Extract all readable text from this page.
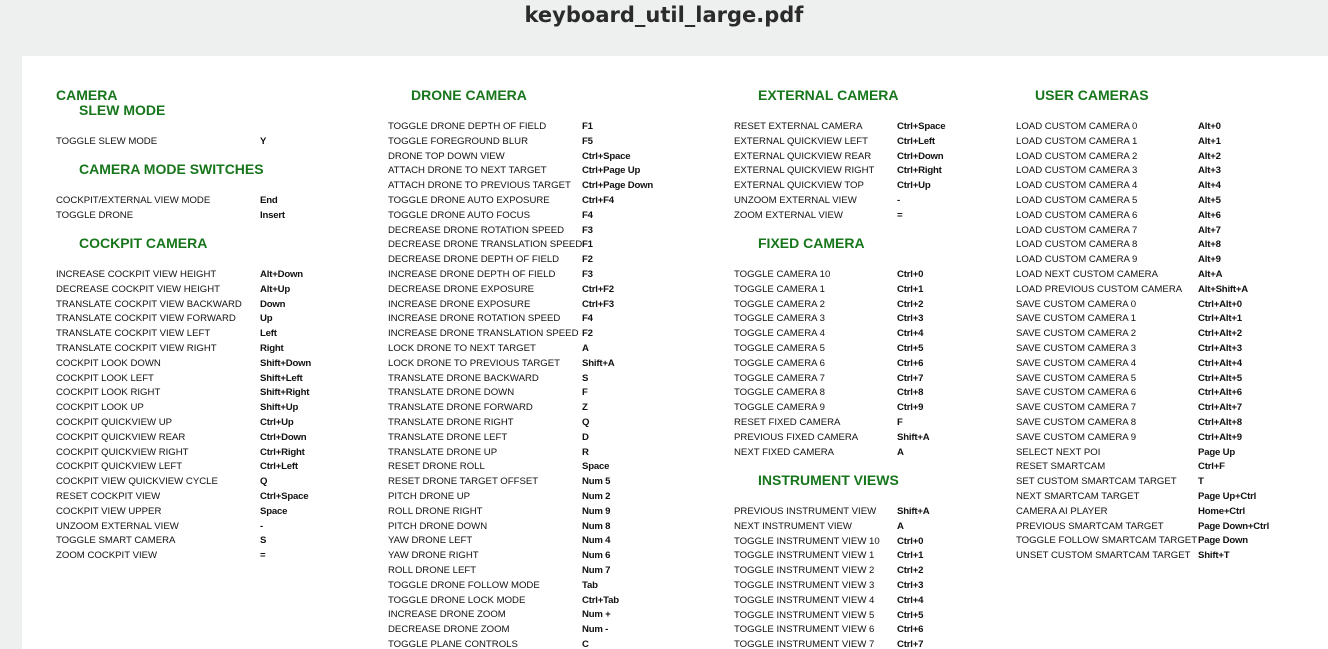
keyboard_util_large.pdf
CAMERA
SLEW MODE
TOGGLE SLEW MODE	Y
CAMERA MODE SWITCHES
COCKPIT/EXTERNAL VIEW MODE	End
TOGGLE DRONE	Insert
COCKPIT CAMERA
INCREASE COCKPIT VIEW HEIGHT	Alt+Down
DECREASE COCKPIT VIEW HEIGHT	Alt+Up
TRANSLATE COCKPIT VIEW BACKWARD Down
TRANSLATE COCKPIT VIEW FORWARD	Up
TRANSLATE COCKPIT VIEW LEFT	Left
TRANSLATE COCKPIT VIEW RIGHT	Right
COCKPIT LOOK DOWN	Shift+Down
COCKPIT LOOK LEFT	Shift+Left
COCKPIT LOOK RIGHT	Shift+Right
COCKPIT LOOK UP	Shift+Up
COCKPIT QUICKVIEW UP	Ctrl+Up
COCKPIT QUICKVIEW REAR	Ctrl+Down
COCKPIT QUICKVIEW RIGHT	Ctrl+Right
COCKPIT QUICKVIEW LEFT	Ctrl+Left
COCKPIT VIEW QUICKVIEW CYCLE	Q
RESET COCKPIT VIEW	Ctrl+Space
COCKPIT VIEW UPPER	Space
UNZOOM EXTERNAL VIEW	-
TOGGLE SMART CAMERA	S
ZOOM COCKPIT VIEW	=
DRONE CAMERA
TOGGLE DRONE DEPTH OF FIELD	F1
TOGGLE FOREGROUND BLUR	F5
DRONE TOP DOWN VIEW	Ctrl+Space
ATTACH DRONE TO NEXT TARGET	Ctrl+Page Up
ATTACH DRONE TO PREVIOUS TARGET Ctrl+Page Down
TOGGLE DRONE AUTO EXPOSURE	Ctrl+F4
TOGGLE DRONE AUTO FOCUS	F4
DECREASE DRONE ROTATION SPEED F3
DECREASE DRONE TRANSLATION SPEED F1
DECREASE DRONE DEPTH OF FIELD F2
INCREASE DRONE DEPTH OF FIELD	F3
DECREASE DRONE EXPOSURE	Ctrl+F2
INCREASE DRONE EXPOSURE	Ctrl+F3
INCREASE DRONE ROTATION SPEED F4
INCREASE DRONE TRANSLATION SPEED F2
LOCK DRONE TO NEXT TARGET	A
LOCK DRONE TO PREVIOUS TARGET Shift+A
TRANSLATE DRONE BACKWARD	S
TRANSLATE DRONE DOWN	F
TRANSLATE DRONE FORWARD	Z
TRANSLATE DRONE RIGHT	Q
TRANSLATE DRONE LEFT	D
TRANSLATE DRONE UP	R
RESET DRONE ROLL	Space
RESET DRONE TARGET OFFSET	Num 5
PITCH DRONE UP	Num 2
ROLL DRONE RIGHT	Num 9
PITCH DRONE DOWN	Num 8
YAW DRONE LEFT	Num 4
YAW DRONE RIGHT	Num 6
ROLL DRONE LEFT	Num 7
TOGGLE DRONE FOLLOW MODE	Tab
TOGGLE DRONE LOCK MODE	Ctrl+Tab
INCREASE DRONE ZOOM	Num +
DECREASE DRONE ZOOM	Num -
TOGGLE PLANE CONTROLS	C
EXTERNAL CAMERA
RESET EXTERNAL CAMERA	Ctrl+Space
EXTERNAL QUICKVIEW LEFT	Ctrl+Left
EXTERNAL QUICKVIEW REAR	Ctrl+Down
EXTERNAL QUICKVIEW RIGHT Ctrl+Right
EXTERNAL QUICKVIEW TOP	Ctrl+Up
UNZOOM EXTERNAL VIEW	-
ZOOM EXTERNAL VIEW	=
FIXED CAMERA
TOGGLE CAMERA 10	Ctrl+0
TOGGLE CAMERA 1	Ctrl+1
TOGGLE CAMERA 2	Ctrl+2
TOGGLE CAMERA 3	Ctrl+3
TOGGLE CAMERA 4	Ctrl+4
TOGGLE CAMERA 5	Ctrl+5
TOGGLE CAMERA 6	Ctrl+6
TOGGLE CAMERA 7	Ctrl+7
TOGGLE CAMERA 8	Ctrl+8
TOGGLE CAMERA 9	Ctrl+9
RESET FIXED CAMERA	F
PREVIOUS FIXED CAMERA	Shift+A
NEXT FIXED CAMERA	A
INSTRUMENT VIEWS
PREVIOUS INSTRUMENT VIEW Shift+A
NEXT INSTRUMENT VIEW	A
TOGGLE INSTRUMENT VIEW 10 Ctrl+0
TOGGLE INSTRUMENT VIEW 1 Ctrl+1
TOGGLE INSTRUMENT VIEW 2 Ctrl+2
TOGGLE INSTRUMENT VIEW 3 Ctrl+3
TOGGLE INSTRUMENT VIEW 4 Ctrl+4
TOGGLE INSTRUMENT VIEW 5 Ctrl+5
TOGGLE INSTRUMENT VIEW 6 Ctrl+6
TOGGLE INSTRUMENT VIEW 7 Ctrl+7
USER CAMERAS
LOAD CUSTOM CAMERA 0	Alt+0
LOAD CUSTOM CAMERA 1	Alt+1
LOAD CUSTOM CAMERA 2	Alt+2
LOAD CUSTOM CAMERA 3	Alt+3
LOAD CUSTOM CAMERA 4	Alt+4
LOAD CUSTOM CAMERA 5	Alt+5
LOAD CUSTOM CAMERA 6	Alt+6
LOAD CUSTOM CAMERA 7	Alt+7
LOAD CUSTOM CAMERA 8	Alt+8
LOAD CUSTOM CAMERA 9	Alt+9
LOAD NEXT CUSTOM CAMERA	Alt+A
LOAD PREVIOUS CUSTOM CAMERA Alt+Shift+A
SAVE CUSTOM CAMERA 0	Ctrl+Alt+0
SAVE CUSTOM CAMERA 1	Ctrl+Alt+1
SAVE CUSTOM CAMERA 2	Ctrl+Alt+2
SAVE CUSTOM CAMERA 3	Ctrl+Alt+3
SAVE CUSTOM CAMERA 4	Ctrl+Alt+4
SAVE CUSTOM CAMERA 5	Ctrl+Alt+5
SAVE CUSTOM CAMERA 6	Ctrl+Alt+6
SAVE CUSTOM CAMERA 7	Ctrl+Alt+7
SAVE CUSTOM CAMERA 8	Ctrl+Alt+8
SAVE CUSTOM CAMERA 9	Ctrl+Alt+9
SELECT NEXT POI	Page Up
RESET SMARTCAM	Ctrl+F
SET CUSTOM SMARTCAM TARGET T
NEXT SMARTCAM TARGET	Page Up+Ctrl
CAMERA AI PLAYER	Home+Ctrl
PREVIOUS SMARTCAM TARGET	Page Down+Ctrl
TOGGLE FOLLOW SMARTCAM TARGET Page Down
UNSET CUSTOM SMARTCAM TARGET Shift+T
